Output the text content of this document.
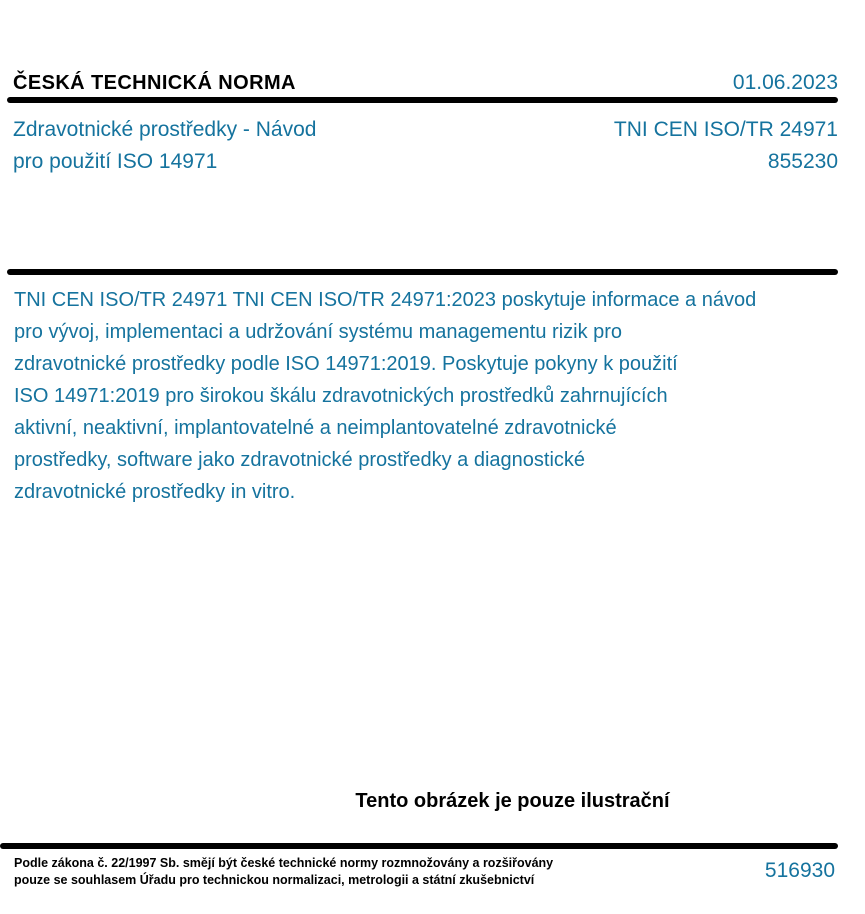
ČESKÁ TECHNICKÁ NORMA	01.06.2023
Zdravotnické prostředky - Návod
pro použití ISO 14971
TNI CEN ISO/TR 24971
855230
TNI CEN ISO/TR 24971 TNI CEN ISO/TR 24971:2023 poskytuje informace a návod
pro vývoj, implementaci a udržování systému managementu rizik pro
zdravotnické prostředky podle ISO 14971:2019. Poskytuje pokyny k použití
ISO 14971:2019 pro širokou škálu zdravotnických prostředků zahrnujících
aktivní, neaktivní, implantovatelné a neimplantovatelné zdravotnické
prostředky, software jako zdravotnické prostředky a diagnostické
zdravotnické prostředky in vitro.
Tento obrázek je pouze ilustrační
Podle zákona č. 22/1997 Sb. smějí být české technické normy rozmnožovány a rozšiřovány
pouze se souhlasem Úřadu pro technickou normalizaci, metrologii a státní zkušebnictví	516930
